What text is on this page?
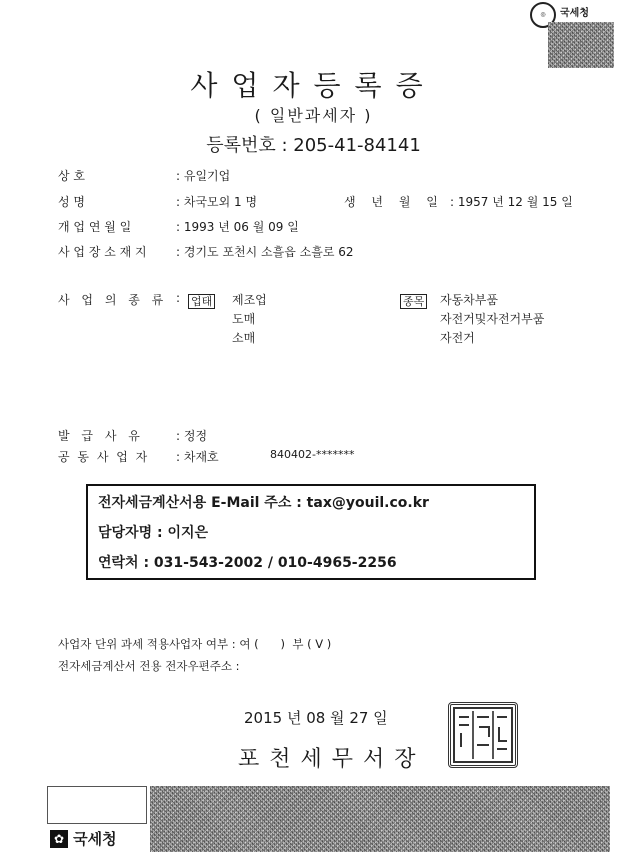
◎	국세청
사업자등록증
( 일반과세자 )
등록번호 : 205-41-84141
상 호	: 유일기업
성 명	: 차국모외 1 명	생 년 월 일 : 1957 년 12 월 15 일
개 업 연 월 일	: 1993 년 06 월 09 일
사 업 장 소 재 지 : 경기도 포천시 소흘읍 소흘로 62
사 업 의 종 류 : 업태 제조업
도매
소매
종목 자동차부품
자전거및자전거부품
자전거
발 급 사 유	: 정정
공 동 사 업 자 : 차재호	840402-*******
전자세금계산서용 E-Mail 주소 : tax@youil.co.kr
담당자명 : 이지은
연락처 : 031-543-2002 / 010-4965-2256
사업자 단위 과세 적용사업자 여부 : 여 (      )  부 ( V )
전자세금계산서 전용 전자우편주소 :
2015 년 08 월 27 일
포천세무서장
✿ 국세청
